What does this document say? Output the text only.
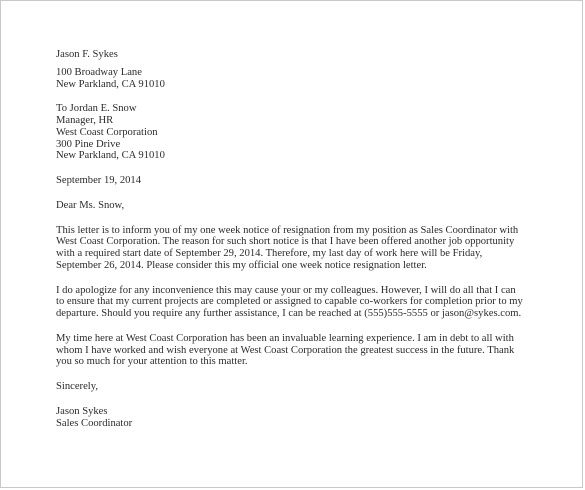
Jason F. Sykes
100 Broadway Lane
New Parkland, CA 91010
To Jordan E. Snow
Manager, HR
West Coast Corporation
300 Pine Drive
New Parkland, CA 91010
September 19, 2014
Dear Ms. Snow,
This letter is to inform you of my one week notice of resignation from my position as Sales Coordinator with
West Coast Corporation. The reason for such short notice is that I have been offered another job opportunity
with a required start date of September 29, 2014. Therefore, my last day of work here will be Friday,
September 26, 2014. Please consider this my official one week notice resignation letter.
I do apologize for any inconvenience this may cause your or my colleagues. However, I will do all that I can
to ensure that my current projects are completed or assigned to capable co-workers for completion prior to my
departure. Should you require any further assistance, I can be reached at (555)555-5555 or jason@sykes.com.
My time here at West Coast Corporation has been an invaluable learning experience. I am in debt to all with
whom I have worked and wish everyone at West Coast Corporation the greatest success in the future. Thank
you so much for your attention to this matter.
Sincerely,
Jason Sykes
Sales Coordinator
